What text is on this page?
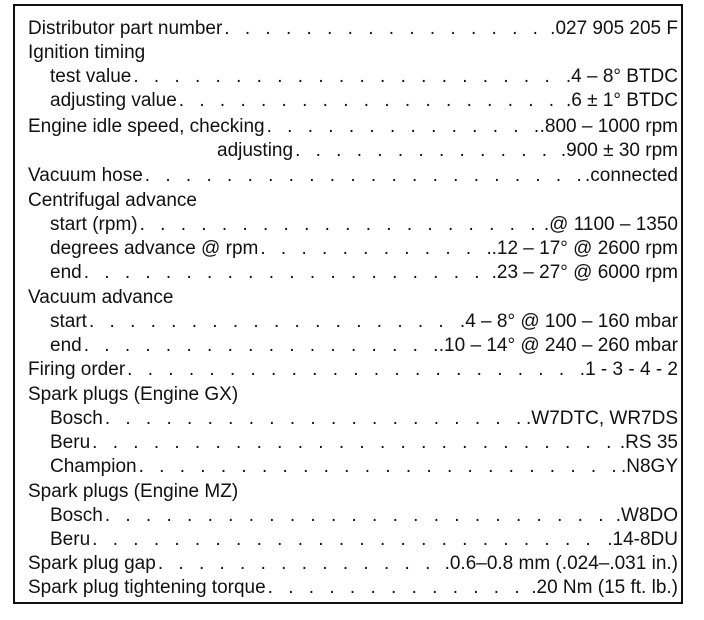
Distributor part number . . .	.027 905 205 F
Ignition timing
test value . . .	.4 – 8° BTDC
adjusting value . . .	.6 ± 1° BTDC
Engine idle speed, checking . . .	.800 – 1000 rpm
adjusting . . .	.900 ± 30 rpm
Vacuum hose . . .	.connected
Centrifugal advance
start (rpm) . . .	.@ 1100 – 1350
degrees advance @ rpm . . .	.12 – 17° @ 2600 rpm
end . . .	.23 – 27° @ 6000 rpm
Vacuum advance
start . . .	.4 – 8° @ 100 – 160 mbar
end . . .	.10 – 14° @ 240 – 260 mbar
Firing order . . .	.1 - 3 - 4 - 2
Spark plugs (Engine GX)
Bosch . . .	.W7DTC, WR7DS
Beru . . .	.RS 35
Champion . . .	.N8GY
Spark plugs (Engine MZ)
Bosch . . .	.W8DO
Beru . . .	.14-8DU
Spark plug gap . . .	.0.6–0.8 mm (.024–.031 in.)
Spark plug tightening torque . . .	.20 Nm (15 ft. lb.)
